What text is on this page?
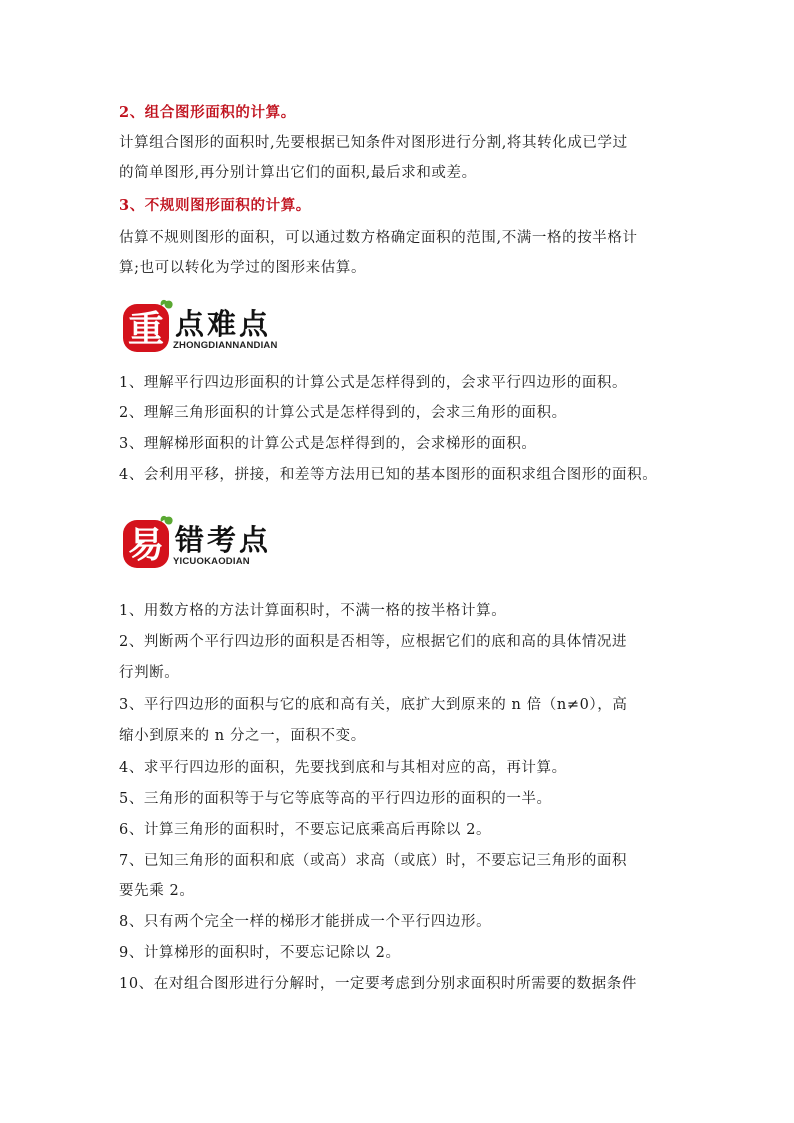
2、组合图形面积的计算。
计算组合图形的面积时,先要根据已知条件对图形进行分割,将其转化成已学过
的简单图形,再分别计算出它们的面积,最后求和或差。
3、不规则图形面积的计算。
估算不规则图形的面积，可以通过数方格确定面积的范围,不满一格的按半格计
算;也可以转化为学过的图形来估算。
重 点难点
ZHONGDIANNANDIAN
1、理解平行四边形面积的计算公式是怎样得到的，会求平行四边形的面积。
2、理解三角形面积的计算公式是怎样得到的，会求三角形的面积。
3、理解梯形面积的计算公式是怎样得到的，会求梯形的面积。
4、会利用平移，拼接，和差等方法用已知的基本图形的面积求组合图形的面积。
易 错考点
YICUOKAODIAN
1、用数方格的方法计算面积时，不满一格的按半格计算。
2、判断两个平行四边形的面积是否相等，应根据它们的底和高的具体情况进
行判断。
3、平行四边形的面积与它的底和高有关，底扩大到原来的 n 倍（n≠0），高
缩小到原来的 n 分之一，面积不变。
4、求平行四边形的面积，先要找到底和与其相对应的高，再计算。
5、三角形的面积等于与它等底等高的平行四边形的面积的一半。
6、计算三角形的面积时，不要忘记底乘高后再除以 2。
7、已知三角形的面积和底（或高）求高（或底）时，不要忘记三角形的面积
要先乘 2。
8、只有两个完全一样的梯形才能拼成一个平行四边形。
9、计算梯形的面积时，不要忘记除以 2。
10、在对组合图形进行分解时，一定要考虑到分别求面积时所需要的数据条件
